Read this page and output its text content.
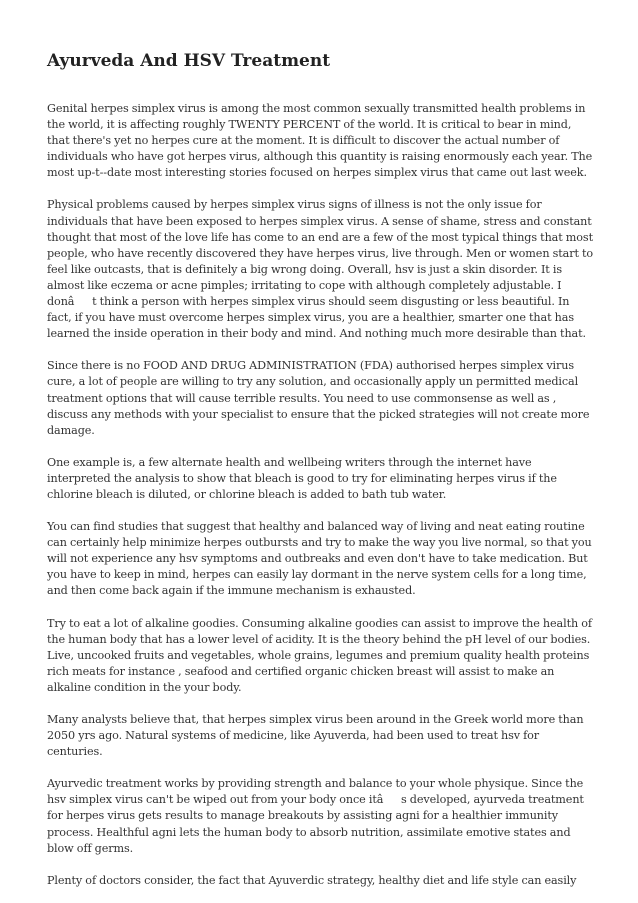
Ayurveda And HSV Treatment

Genital herpes simplex virus is among the most common sexually transmitted health problems in the world, it is affecting roughly TWENTY PERCENT of the world. It is critical to bear in mind, that there's yet no herpes cure at the moment. It is difficult to discover the actual number of individuals who have got herpes virus, although this quantity is raising enormously each year. The most up-t--date most interesting stories focused on herpes simplex virus that came out last week.

Physical problems caused by herpes simplex virus signs of illness is not the only issue for individuals that have been exposed to herpes simplex virus. A sense of shame, stress and constant thought that most of the love life has come to an end are a few of the most typical things that most people, who have recently discovered they have herpes virus, live through. Men or women start to feel like outcasts, that is definitely a big wrong doing. Overall, hsv is just a skin disorder. It is almost like eczema or acne pimples; irritating to cope with although completely adjustable. I donât think a person with herpes simplex virus should seem disgusting or less beautiful. In fact, if you have must overcome herpes simplex virus, you are a healthier, smarter one that has learned the inside operation in their body and mind. And nothing much more desirable than that.

Since there is no FOOD AND DRUG ADMINISTRATION (FDA) authorised herpes simplex virus cure, a lot of people are willing to try any solution, and occasionally apply un permitted medical treatment options that will cause terrible results. You need to use commonsense as well as , discuss any methods with your specialist to ensure that the picked strategies will not create more damage.

One example is, a few alternate health and wellbeing writers through the internet have interpreted the analysis to show that bleach is good to try for eliminating herpes virus if the chlorine bleach is diluted, or chlorine bleach is added to bath tub water.

You can find studies that suggest that healthy and balanced way of living and neat eating routine can certainly help minimize herpes outbursts and try to make the way you live normal, so that you will not experience any hsv symptoms and outbreaks and even don't have to take medication. But you have to keep in mind, herpes can easily lay dormant in the nerve system cells for a long time, and then come back again if the immune mechanism is exhausted.

Try to eat a lot of alkaline goodies. Consuming alkaline goodies can assist to improve the health of the human body that has a lower level of acidity. It is the theory behind the pH level of our bodies. Live, uncooked fruits and vegetables, whole grains, legumes and premium quality health proteins rich meats for instance , seafood and certified organic chicken breast will assist to make an alkaline condition in the your body.

Many analysts believe that, that herpes simplex virus been around in the Greek world more than 2050 yrs ago. Natural systems of medicine, like Ayuverda, had been used to treat hsv for centuries.

Ayurvedic treatment works by providing strength and balance to your whole physique. Since the hsv simplex virus can't be wiped out from your body once itâs developed, ayurveda treatment for herpes virus gets results to manage breakouts by assisting agni for a healthier immunity process. Healthful agni lets the human body to absorb nutrition, assimilate emotive states and blow off germs.

Plenty of doctors consider, the fact that Ayuverdic strategy, healthy diet and life style can easily
